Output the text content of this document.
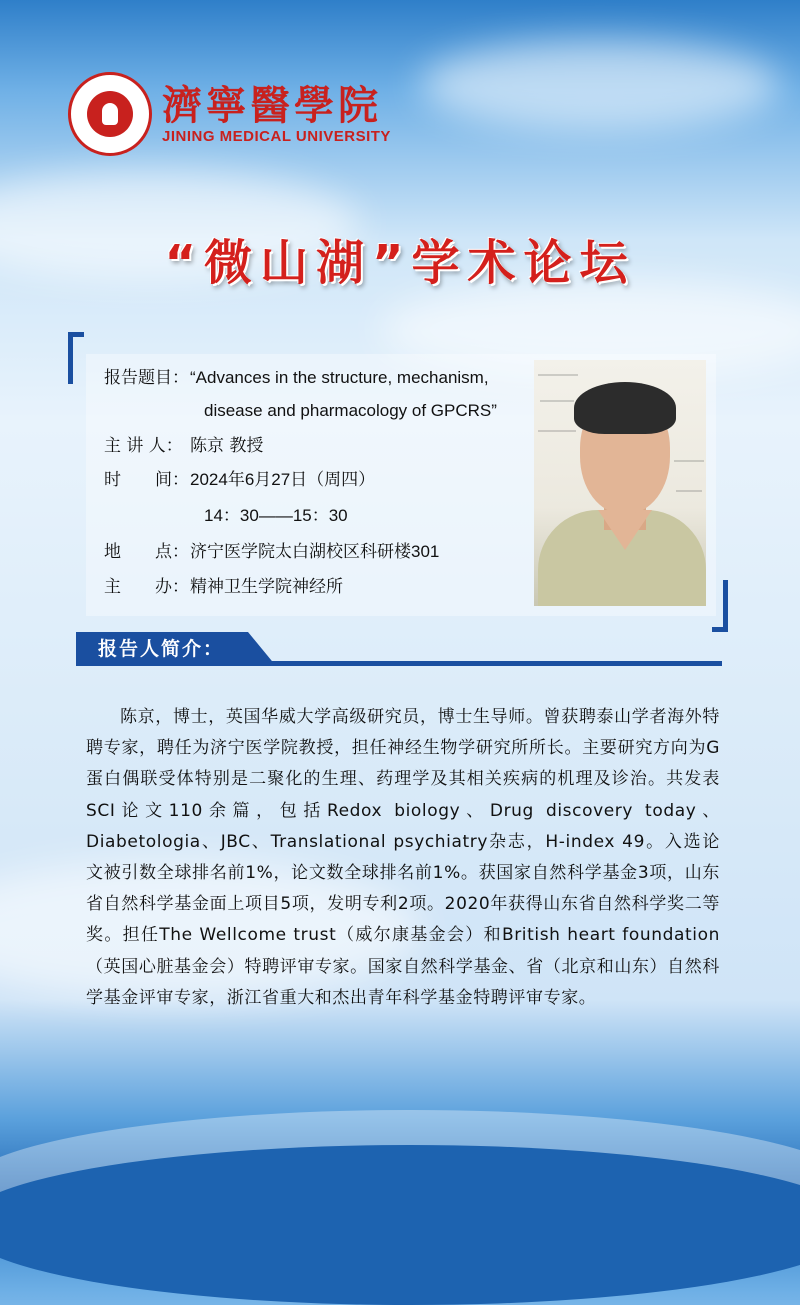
濟寧醫學院
JINING MEDICAL UNIVERSITY
“微山湖”学术论坛
报告题目：“Advances in the structure, mechanism,
disease and pharmacology of GPCRS”
主 讲 人： 陈京 教授
时　　间：2024年6月27日（周四）
14：30——15：30
地　　点：济宁医学院太白湖校区科研楼301
主　　办：精神卫生学院神经所
报告人简介：

陈京，博士，英国华威大学高级研究员，博士生导师。曾获聘泰山学者海外特聘专家，聘任为济宁医学院教授，担任神经生物学研究所所长。主要研究方向为G蛋白偶联受体特别是二聚化的生理、药理学及其相关疾病的机理及诊治。共发表SCI论文110余篇，包括Redox biology、Drug discovery today、Diabetologia、JBC、Translational psychiatry杂志，H-index 49。入选论文被引数全球排名前1%，论文数全球排名前1%。获国家自然科学基金3项，山东省自然科学基金面上项目5项，发明专利2项。2020年获得山东省自然科学奖二等奖。担任The Wellcome trust（威尔康基金会）和British heart foundation（英国心脏基金会）特聘评审专家。国家自然科学基金、省（北京和山东）自然科学基金评审专家，浙江省重大和杰出青年科学基金特聘评审专家。
